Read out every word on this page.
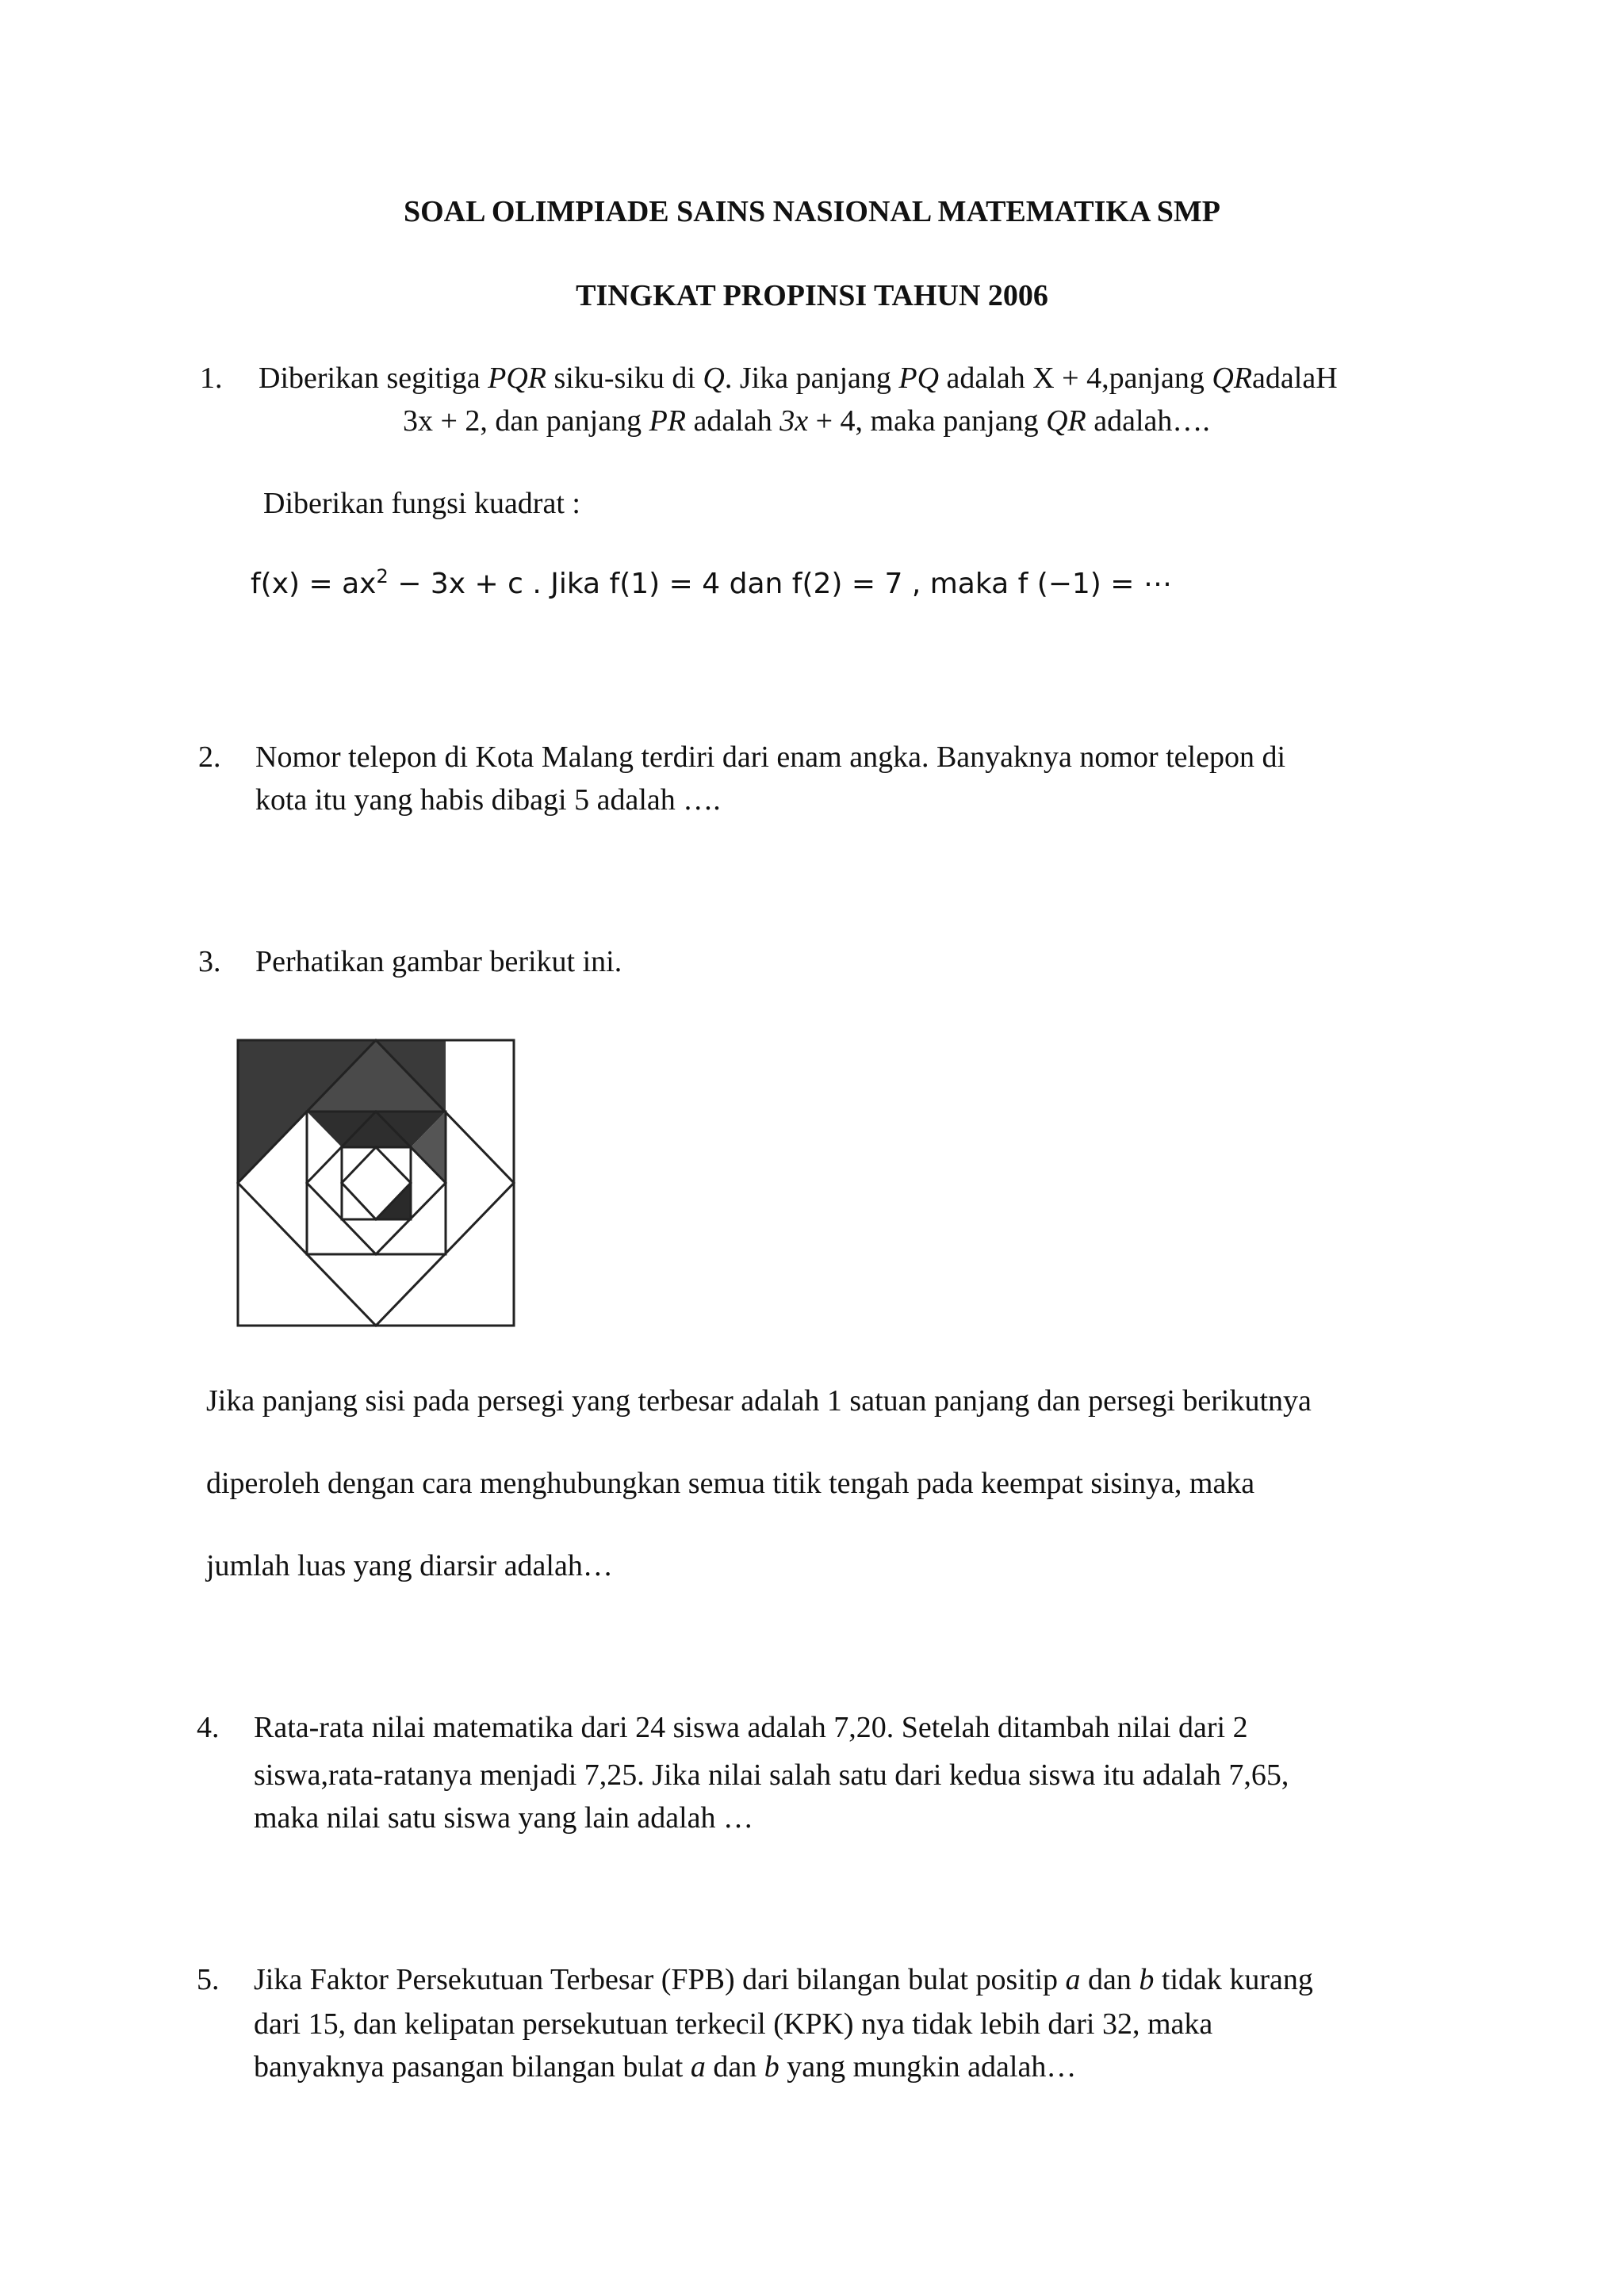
SOAL OLIMPIADE SAINS NASIONAL MATEMATIKA SMP

TINGKAT PROPINSI TAHUN 2006

1. Diberikan segitiga PQR siku-siku di Q. Jika panjang PQ adalah X + 4,panjang QRadalaH

3x + 2, dan panjang PR adalah 3x + 4, maka panjang QR adalah….

Diberikan fungsi kuadrat :

$f(x) = ax^2 - 3x + c$ . Jika f(1) = 4 dan f(2) = 7 , maka f (−1) = ⋯

2. Nomor telepon di Kota Malang terdiri dari enam angka. Banyaknya nomor telepon di

kota itu yang habis dibagi 5 adalah ….

3. Perhatikan gambar berikut ini.

Jika panjang sisi pada persegi yang terbesar adalah 1 satuan panjang dan persegi berikutnya

diperoleh dengan cara menghubungkan semua titik tengah pada keempat sisinya, maka

jumlah luas yang diarsir adalah…

4. Rata-rata nilai matematika dari 24 siswa adalah 7,20. Setelah ditambah nilai dari 2

siswa,rata-ratanya menjadi 7,25. Jika nilai salah satu dari kedua siswa itu adalah 7,65,

maka nilai satu siswa yang lain adalah …

5. Jika Faktor Persekutuan Terbesar (FPB) dari bilangan bulat positip a dan b tidak kurang

dari 15, dan kelipatan persekutuan terkecil (KPK) nya tidak lebih dari 32, maka

banyaknya pasangan bilangan bulat a dan b yang mungkin adalah…
